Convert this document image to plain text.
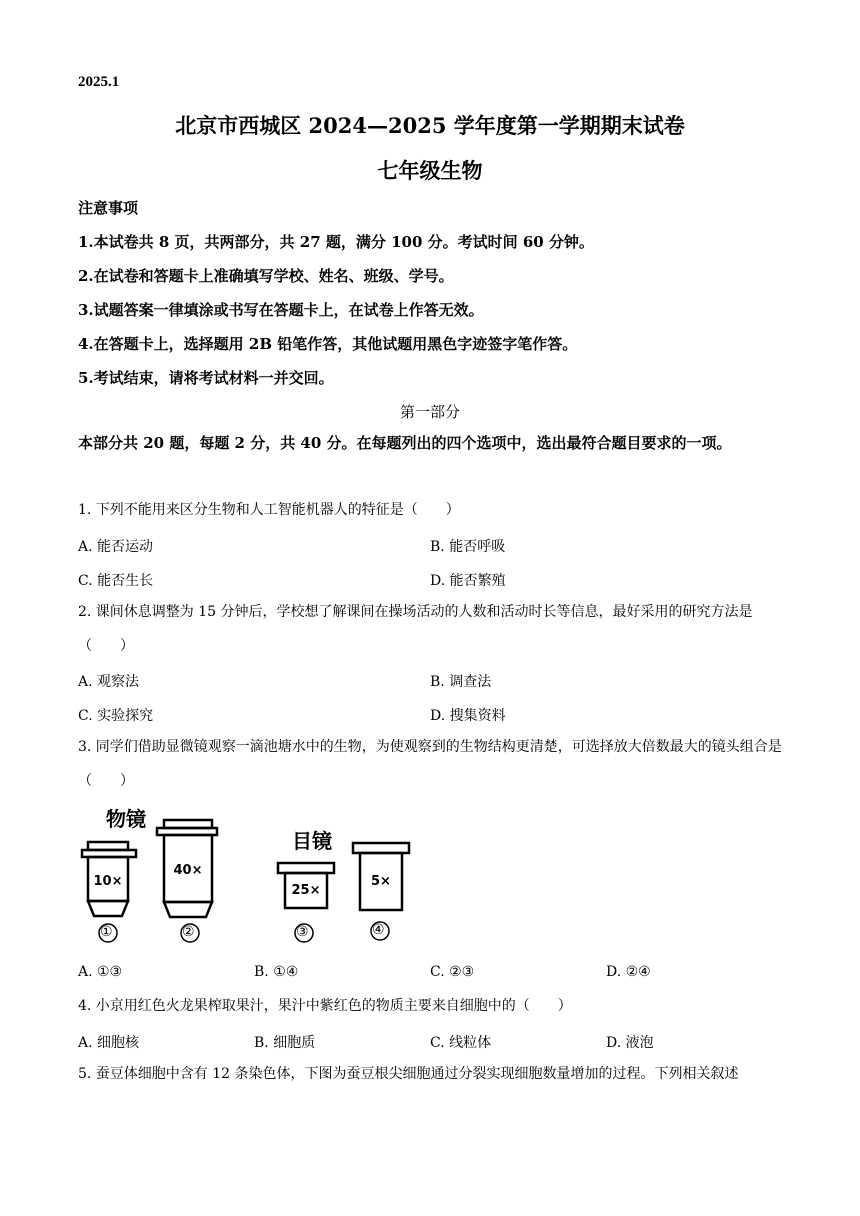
2025.1
北京市西城区 2024—2025 学年度第一学期期末试卷
七年级生物
注意事项
1.本试卷共 8 页，共两部分，共 27 题，满分 100 分。考试时间 60 分钟。
2.在试卷和答题卡上准确填写学校、姓名、班级、学号。
3.试题答案一律填涂或书写在答题卡上，在试卷上作答无效。
4.在答题卡上，选择题用 2B 铅笔作答，其他试题用黑色字迹签字笔作答。
5.考试结束，请将考试材料一并交回。
第一部分
本部分共 20 题，每题 2 分，共 40 分。在每题列出的四个选项中，选出最符合题目要求的一项。
1. 下列不能用来区分生物和人工智能机器人的特征是（　　）
A. 能否运动	B. 能否呼吸
C. 能否生长	D. 能否繁殖
2. 课间休息调整为 15 分钟后，学校想了解课间在操场活动的人数和活动时长等信息，最好采用的研究方法是（　　）
A. 观察法	B. 调查法
C. 实验探究	D. 搜集资料
3. 同学们借助显微镜观察一滴池塘水中的生物，为使观察到的生物结构更清楚，可选择放大倍数最大的镜头组合是（　　）
物镜
目镜
10×
40×
25×
5×
①	②	③	④
A. ①③	B. ①④	C. ②③	D. ②④
4. 小京用红色火龙果榨取果汁，果汁中紫红色的物质主要来自细胞中的（　　）
A. 细胞核	B. 细胞质	C. 线粒体	D. 液泡
5. 蚕豆体细胞中含有 12 条染色体，下图为蚕豆根尖细胞通过分裂实现细胞数量增加的过程。下列相关叙述
